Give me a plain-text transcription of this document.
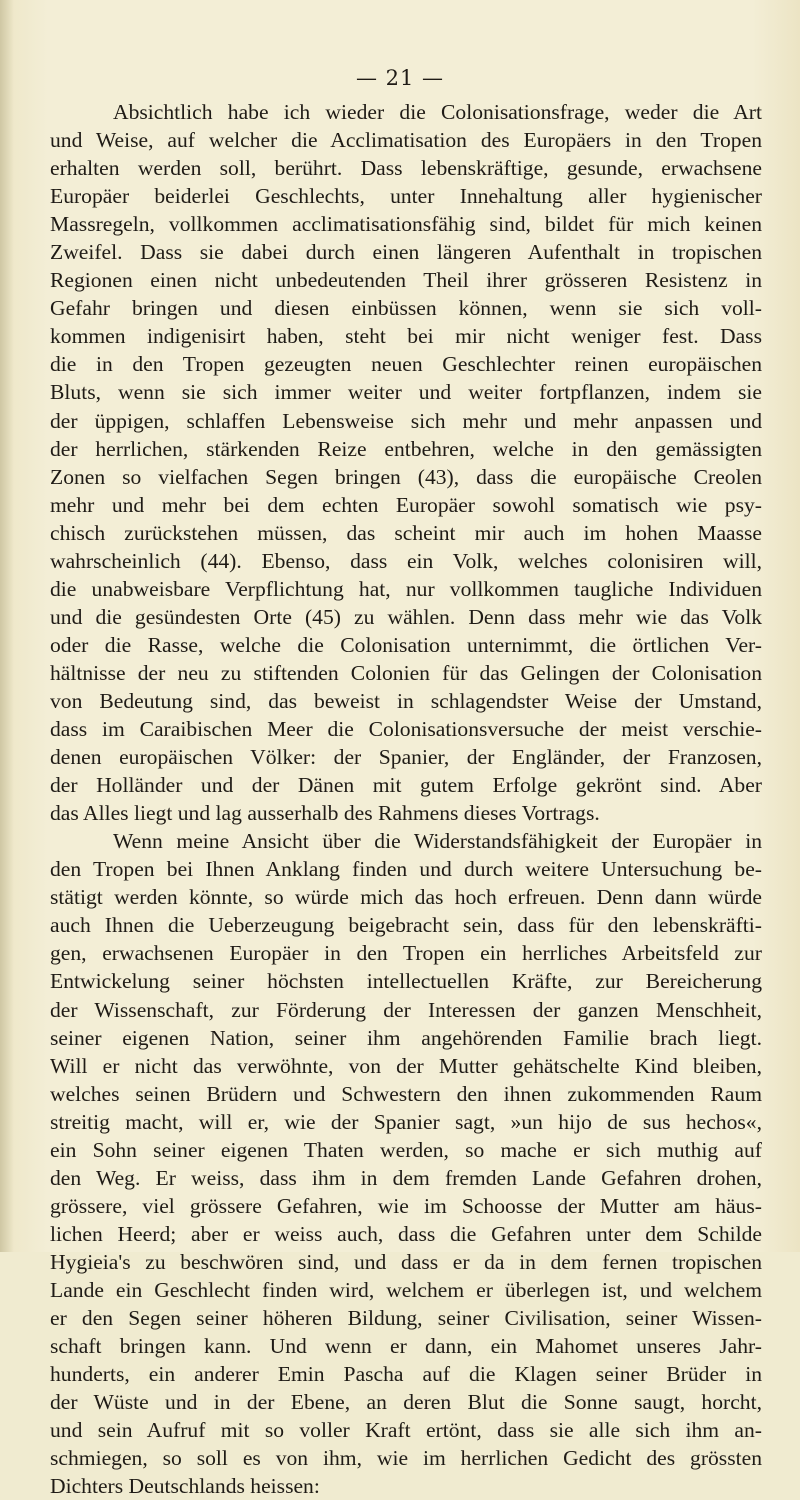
— 21 —
Absichtlich habe ich wieder die Colonisationsfrage, weder die Art
und Weise, auf welcher die Acclimatisation des Europäers in den Tropen
erhalten werden soll, berührt. Dass lebenskräftige, gesunde, erwachsene
Europäer beiderlei Geschlechts, unter Innehaltung aller hygienischer
Massregeln, vollkommen acclimatisationsfähig sind, bildet für mich keinen
Zweifel. Dass sie dabei durch einen längeren Aufenthalt in tropischen
Regionen einen nicht unbedeutenden Theil ihrer grösseren Resistenz in
Gefahr bringen und diesen einbüssen können, wenn sie sich voll-
kommen indigenisirt haben, steht bei mir nicht weniger fest. Dass
die in den Tropen gezeugten neuen Geschlechter reinen europäischen
Bluts, wenn sie sich immer weiter und weiter fortpflanzen, indem sie
der üppigen, schlaffen Lebensweise sich mehr und mehr anpassen und
der herrlichen, stärkenden Reize entbehren, welche in den gemässigten
Zonen so vielfachen Segen bringen (43), dass die europäische Creolen
mehr und mehr bei dem echten Europäer sowohl somatisch wie psy-
chisch zurückstehen müssen, das scheint mir auch im hohen Maasse
wahrscheinlich (44). Ebenso, dass ein Volk, welches colonisiren will,
die unabweisbare Verpflichtung hat, nur vollkommen taugliche Individuen
und die gesündesten Orte (45) zu wählen. Denn dass mehr wie das Volk
oder die Rasse, welche die Colonisation unternimmt, die örtlichen Ver-
hältnisse der neu zu stiftenden Colonien für das Gelingen der Colonisation
von Bedeutung sind, das beweist in schlagendster Weise der Umstand,
dass im Caraibischen Meer die Colonisationsversuche der meist verschie-
denen europäischen Völker: der Spanier, der Engländer, der Franzosen,
der Holländer und der Dänen mit gutem Erfolge gekrönt sind. Aber
das Alles liegt und lag ausserhalb des Rahmens dieses Vortrags.
Wenn meine Ansicht über die Widerstandsfähigkeit der Europäer in
den Tropen bei Ihnen Anklang finden und durch weitere Untersuchung be-
stätigt werden könnte, so würde mich das hoch erfreuen. Denn dann würde
auch Ihnen die Ueberzeugung beigebracht sein, dass für den lebenskräfti-
gen, erwachsenen Europäer in den Tropen ein herrliches Arbeitsfeld zur
Entwickelung seiner höchsten intellectuellen Kräfte, zur Bereicherung
der Wissenschaft, zur Förderung der Interessen der ganzen Menschheit,
seiner eigenen Nation, seiner ihm angehörenden Familie brach liegt.
Will er nicht das verwöhnte, von der Mutter gehätschelte Kind bleiben,
welches seinen Brüdern und Schwestern den ihnen zukommenden Raum
streitig macht, will er, wie der Spanier sagt, »un hijo de sus hechos«,
ein Sohn seiner eigenen Thaten werden, so mache er sich muthig auf
den Weg. Er weiss, dass ihm in dem fremden Lande Gefahren drohen,
grössere, viel grössere Gefahren, wie im Schoosse der Mutter am häus-
lichen Heerd; aber er weiss auch, dass die Gefahren unter dem Schilde
Hygieia's zu beschwören sind, und dass er da in dem fernen tropischen
Lande ein Geschlecht finden wird, welchem er überlegen ist, und welchem
er den Segen seiner höheren Bildung, seiner Civilisation, seiner Wissen-
schaft bringen kann. Und wenn er dann, ein Mahomet unseres Jahr-
hunderts, ein anderer Emin Pascha auf die Klagen seiner Brüder in
der Wüste und in der Ebene, an deren Blut die Sonne saugt, horcht,
und sein Aufruf mit so voller Kraft ertönt, dass sie alle sich ihm an-
schmiegen, so soll es von ihm, wie im herrlichen Gedicht des grössten
Dichters Deutschlands heissen:
